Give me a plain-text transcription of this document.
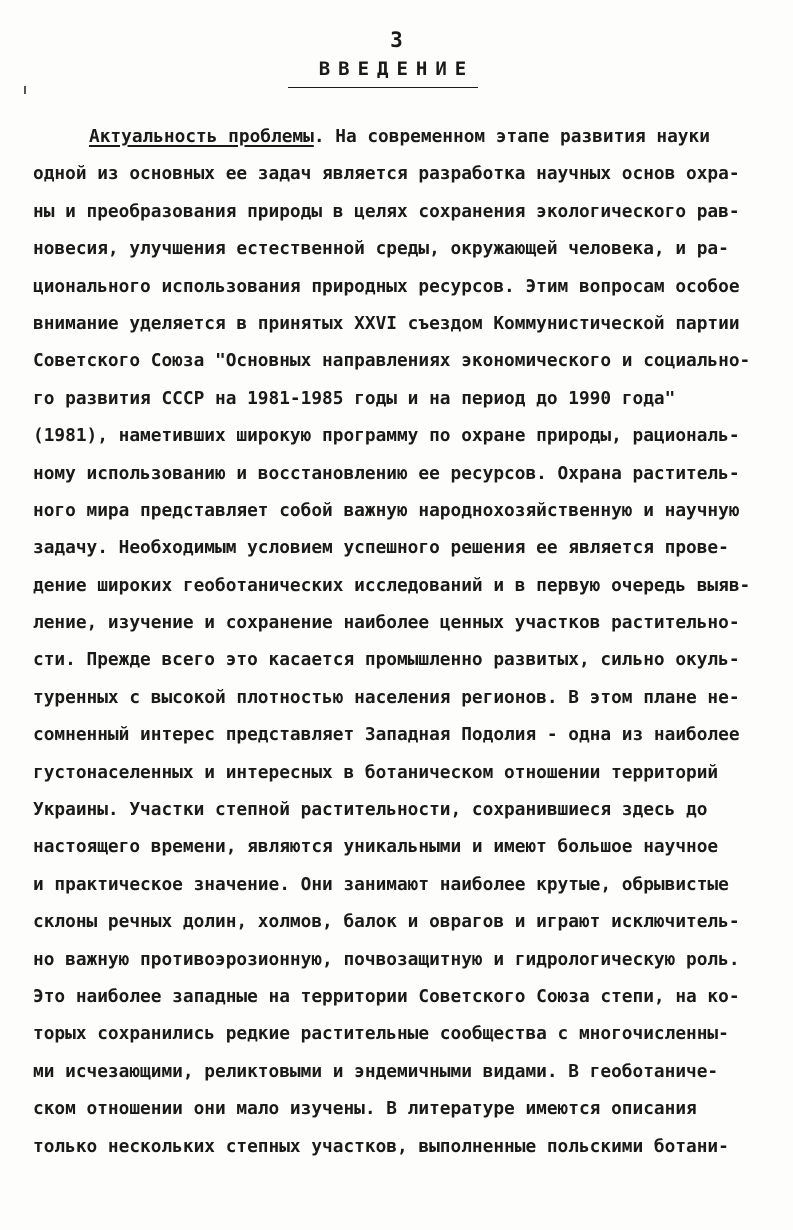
3
ВВЕДЕНИЕ
Актуальность проблемы. На современном этапе развития науки
одной из основных ее задач является разработка научных основ охра-
ны и преобразования природы в целях сохранения экологического рав-
новесия, улучшения естественной среды, окружающей человека, и ра-
ционального использования природных ресурсов. Этим вопросам особое
внимание уделяется в принятых XXVI съездом Коммунистической партии
Советского Союза "Основных направлениях экономического и социально-
го развития СССР на 1981-1985 годы и на период до 1990 года"
(1981), наметивших широкую программу по охране природы, рациональ-
ному использованию и восстановлению ее ресурсов. Охрана раститель-
ного мира представляет собой важную народнохозяйственную и научную
задачу. Необходимым условием успешного решения ее является прове-
дение широких геоботанических исследований и в первую очередь выяв-
ление, изучение и сохранение наиболее ценных участков растительно-
сти. Прежде всего это касается промышленно развитых, сильно окуль-
туренных с высокой плотностью населения регионов. В этом плане не-
сомненный интерес представляет Западная Подолия - одна из наиболее
густонаселенных и интересных в ботаническом отношении территорий
Украины. Участки степной растительности, сохранившиеся здесь до
настоящего времени, являются уникальными и имеют большое научное
и практическое значение. Они занимают наиболее крутые, обрывистые
склоны речных долин, холмов, балок и оврагов и играют исключитель-
но важную противоэрозионную, почвозащитную и гидрологическую роль.
Это наиболее западные на территории Советского Союза степи, на ко-
торых сохранились редкие растительные сообщества с многочисленны-
ми исчезающими, реликтовыми и эндемичными видами. В геоботаниче-
ском отношении они мало изучены. В литературе имеются описания
только нескольких степных участков, выполненные польскими ботани-
